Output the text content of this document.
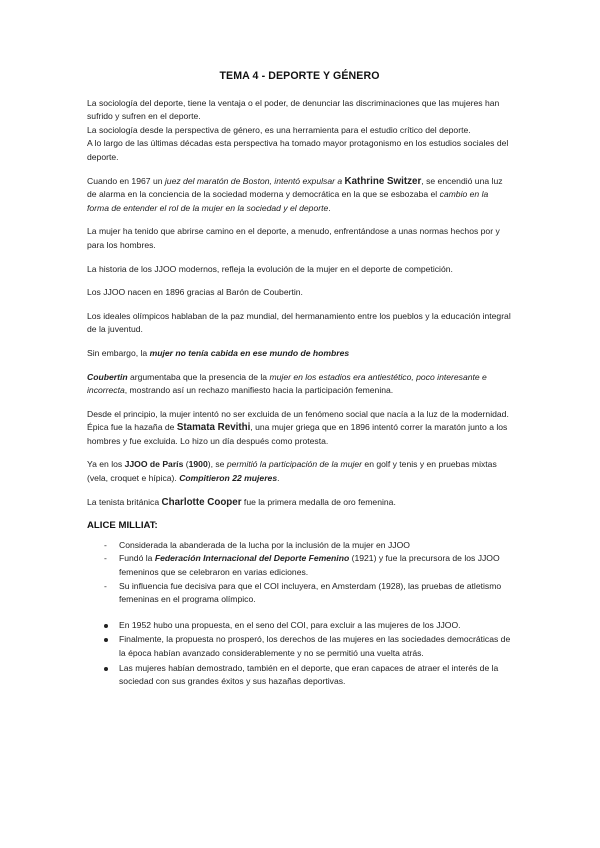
TEMA 4 - DEPORTE Y GÉNERO

La sociología del deporte, tiene la ventaja o el poder, de denunciar las discriminaciones que las mujeres han sufrido y sufren en el deporte.

La sociología desde la perspectiva de género, es una herramienta para el estudio crítico del deporte.

A lo largo de las últimas décadas esta perspectiva ha tomado mayor protagonismo en los estudios sociales del deporte.

Cuando en 1967 un juez del maratón de Boston, intentó expulsar a Kathrine Switzer, se encendió una luz de alarma en la conciencia de la sociedad moderna y democrática en la que se esbozaba el cambio en la forma de entender el rol de la mujer en la sociedad y el deporte.

La mujer ha tenido que abrirse camino en el deporte, a menudo, enfrentándose a unas normas hechos por y para los hombres.

La historia de los JJOO modernos, refleja la evolución de la mujer en el deporte de competición.

Los JJOO nacen en 1896 gracias al Barón de Coubertin.

Los ideales olímpicos hablaban de la paz mundial, del hermanamiento entre los pueblos y la educación integral de la juventud.

Sin embargo, la mujer no tenía cabida en ese mundo de hombres

Coubertin argumentaba que la presencia de la mujer en los estadios era antiestético, poco interesante e incorrecta, mostrando así un rechazo manifiesto hacia la participación femenina.

Desde el principio, la mujer intentó no ser excluida de un fenómeno social que nacía a la luz de la modernidad. Épica fue la hazaña de Stamata Revithi, una mujer griega que en 1896 intentó correr la maratón junto a los hombres y fue excluida. Lo hizo un día después como protesta.

Ya en los JJOO de París (1900), se permitió la participación de la mujer en golf y tenis y en pruebas mixtas (vela, croquet e hípica). Compitieron 22 mujeres.

La tenista británica Charlotte Cooper fue la primera medalla de oro femenina.

ALICE MILLIAT:
- Considerada la abanderada de la lucha por la inclusión de la mujer en JJOO
- Fundó la Federación Internacional del Deporte Femenino (1921) y fue la precursora de los JJOO femeninos que se celebraron en varias ediciones.
- Su influencia fue decisiva para que el COI incluyera, en Amsterdam (1928), las pruebas de atletismo femeninas en el programa olímpico.
En 1952 hubo una propuesta, en el seno del COI, para excluir a las mujeres de los JJOO.
Finalmente, la propuesta no prosperó, los derechos de las mujeres en las sociedades democráticas de la época habían avanzado considerablemente y no se permitió una vuelta atrás.
Las mujeres habían demostrado, también en el deporte, que eran capaces de atraer el interés de la sociedad con sus grandes éxitos y sus hazañas deportivas.
